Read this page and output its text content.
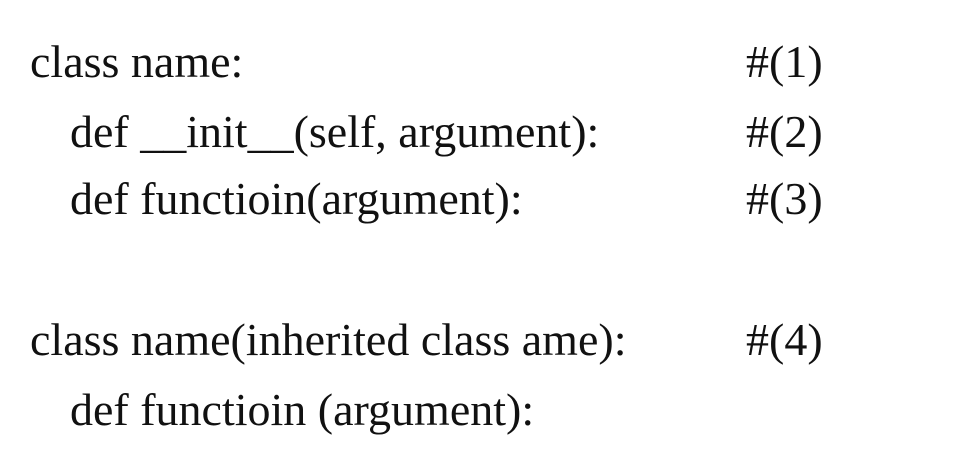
class name:	#(1)
def __init__(self, argument):	#(2)
def functioin(argument):	#(3)
class name(inherited class ame):	#(4)
def functioin (argument):
